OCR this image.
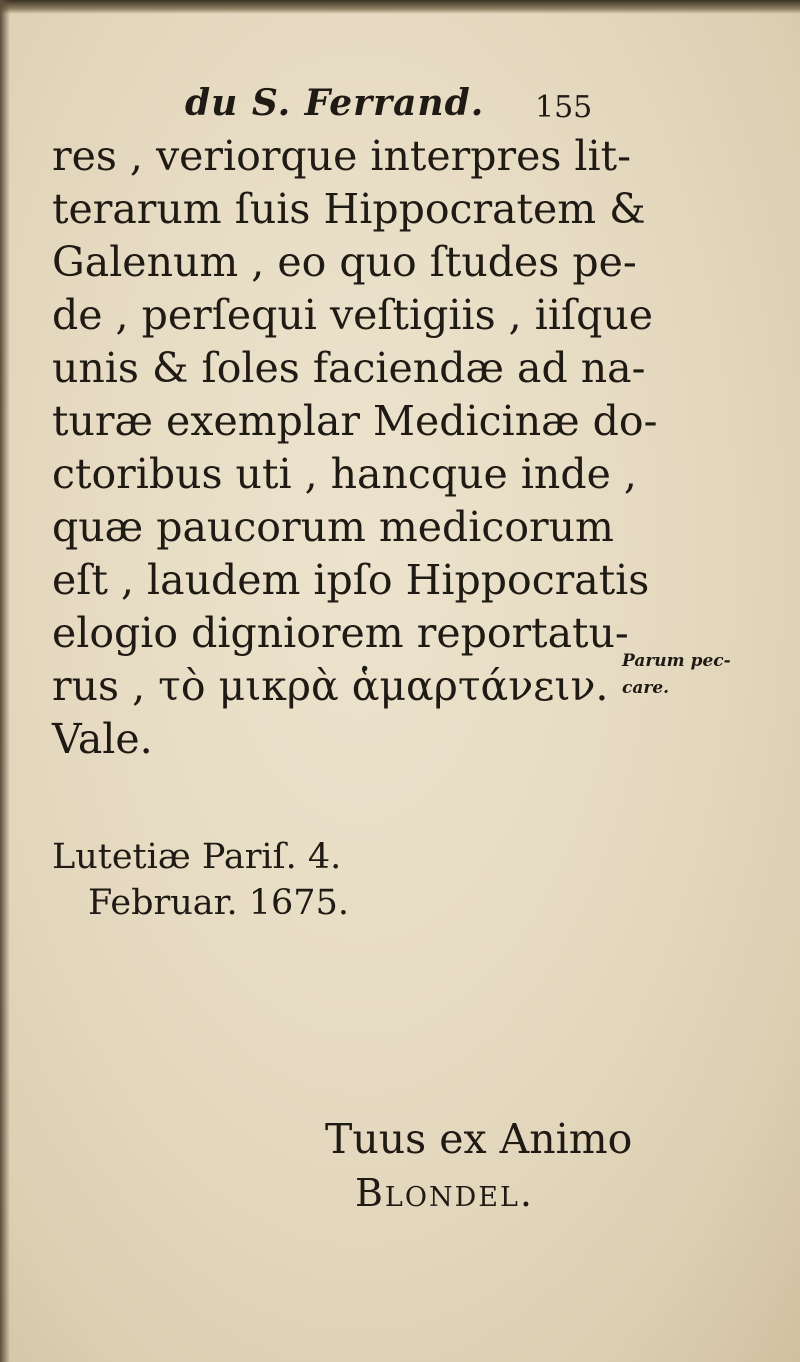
du S. Ferrand. 155
res , veriorque interpres lit-
terarum ſuis Hippocratem &
Galenum , eo quo ſtudes pe-
de , perſequi veſtigiis , iiſque
unis & ſoles faciendæ ad na-
turæ exemplar Medicinæ do-
ctoribus uti , hancque inde ,
quæ paucorum medicorum
eſt , laudem ipſo Hippocratis
elogio digniorem reportatu-
rus , τὸ μικρὰ ἁμαρτάνειν.
Vale.
Parum pec-
care.
Lutetiæ Pariſ. 4.
Februar. 1675.
Tuus ex Animo
Blondel.
